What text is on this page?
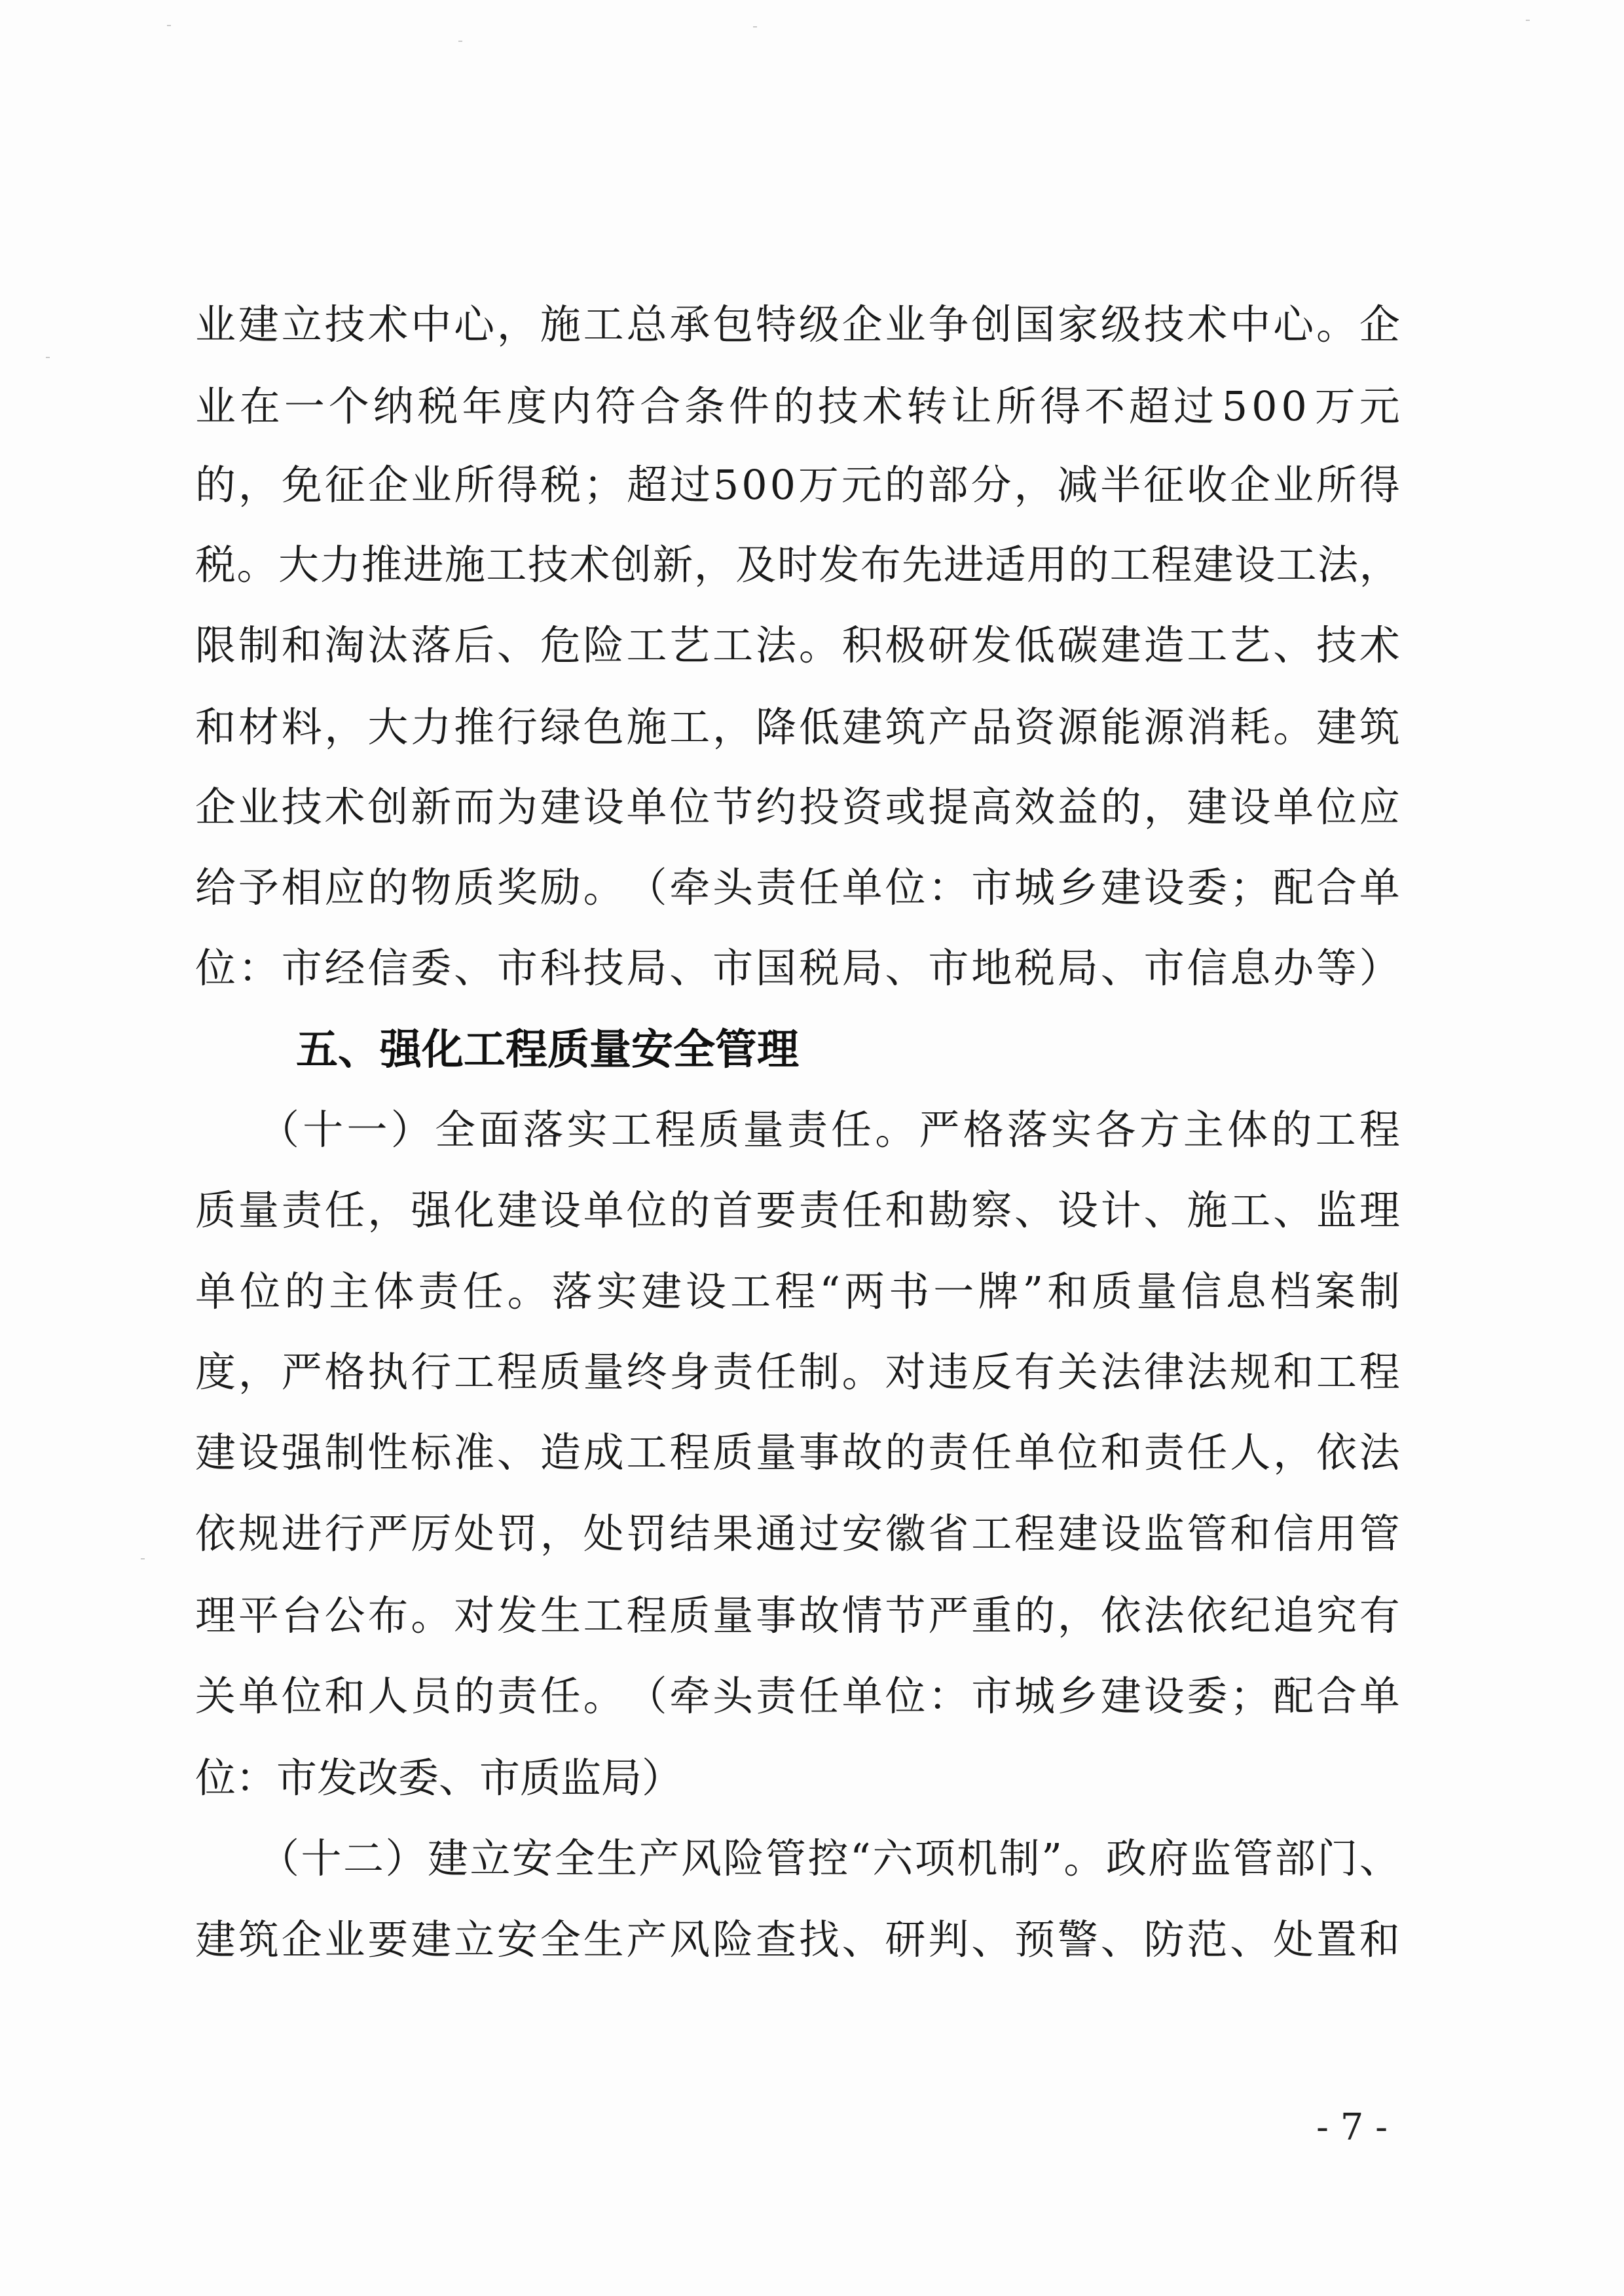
业 建 立 技 术 中 心 ， 施 工 总 承 包 特 级 企 业 争 创 国 家 级 技 术 中 心 。 企
业 在 一 个 纳 税 年 度 内 符 合 条 件 的 技 术 转 让 所 得 不 超 过 5 0 0 万 元
的 ， 免 征 企 业 所 得 税 ； 超 过 5 0 0 万 元 的 部 分 ， 减 半 征 收 企 业 所 得
税 。 大 力 推 进 施 工 技 术 创 新 ， 及 时 发 布 先 进 适 用 的 工 程 建 设 工 法 ，
限 制 和 淘 汰 落 后 、 危 险 工 艺 工 法 。 积 极 研 发 低 碳 建 造 工 艺 、 技 术
和 材 料 ， 大 力 推 行 绿 色 施 工 ， 降 低 建 筑 产 品 资 源 能 源 消 耗 。 建 筑
企 业 技 术 创 新 而 为 建 设 单 位 节 约 投 资 或 提 高 效 益 的 ， 建 设 单 位 应
给 予 相 应 的 物 质 奖 励 。 （ 牵 头 责 任 单 位 ： 市 城 乡 建 设 委 ； 配 合 单
位 ： 市 经 信 委 、 市 科 技 局 、 市 国 税 局 、 市 地 税 局 、 市 信 息 办 等 ）
五、强化工程质量安全管理
（ 十 一 ） 全 面 落 实 工 程 质 量 责 任 。 严 格 落 实 各 方 主 体 的 工 程
质 量 责 任 ， 强 化 建 设 单 位 的 首 要 责 任 和 勘 察 、 设 计 、 施 工 、 监 理
单 位 的 主 体 责 任 。 落 实 建 设 工 程 “ 两 书 一 牌 ” 和 质 量 信 息 档 案 制
度 ， 严 格 执 行 工 程 质 量 终 身 责 任 制 。 对 违 反 有 关 法 律 法 规 和 工 程
建 设 强 制 性 标 准 、 造 成 工 程 质 量 事 故 的 责 任 单 位 和 责 任 人 ， 依 法
依 规 进 行 严 厉 处 罚 ， 处 罚 结 果 通 过 安 徽 省 工 程 建 设 监 管 和 信 用 管
理 平 台 公 布 。 对 发 生 工 程 质 量 事 故 情 节 严 重 的 ， 依 法 依 纪 追 究 有
关 单 位 和 人 员 的 责 任 。 （ 牵 头 责 任 单 位 ： 市 城 乡 建 设 委 ； 配 合 单
位：市发改委、市质监局）
（ 十 二 ） 建 立 安 全 生 产 风 险 管 控 “ 六 项 机 制 ” 。 政 府 监 管 部 门 、
建 筑 企 业 要 建 立 安 全 生 产 风 险 查 找 、 研 判 、 预 警 、 防 范 、 处 置 和
- 7 -
